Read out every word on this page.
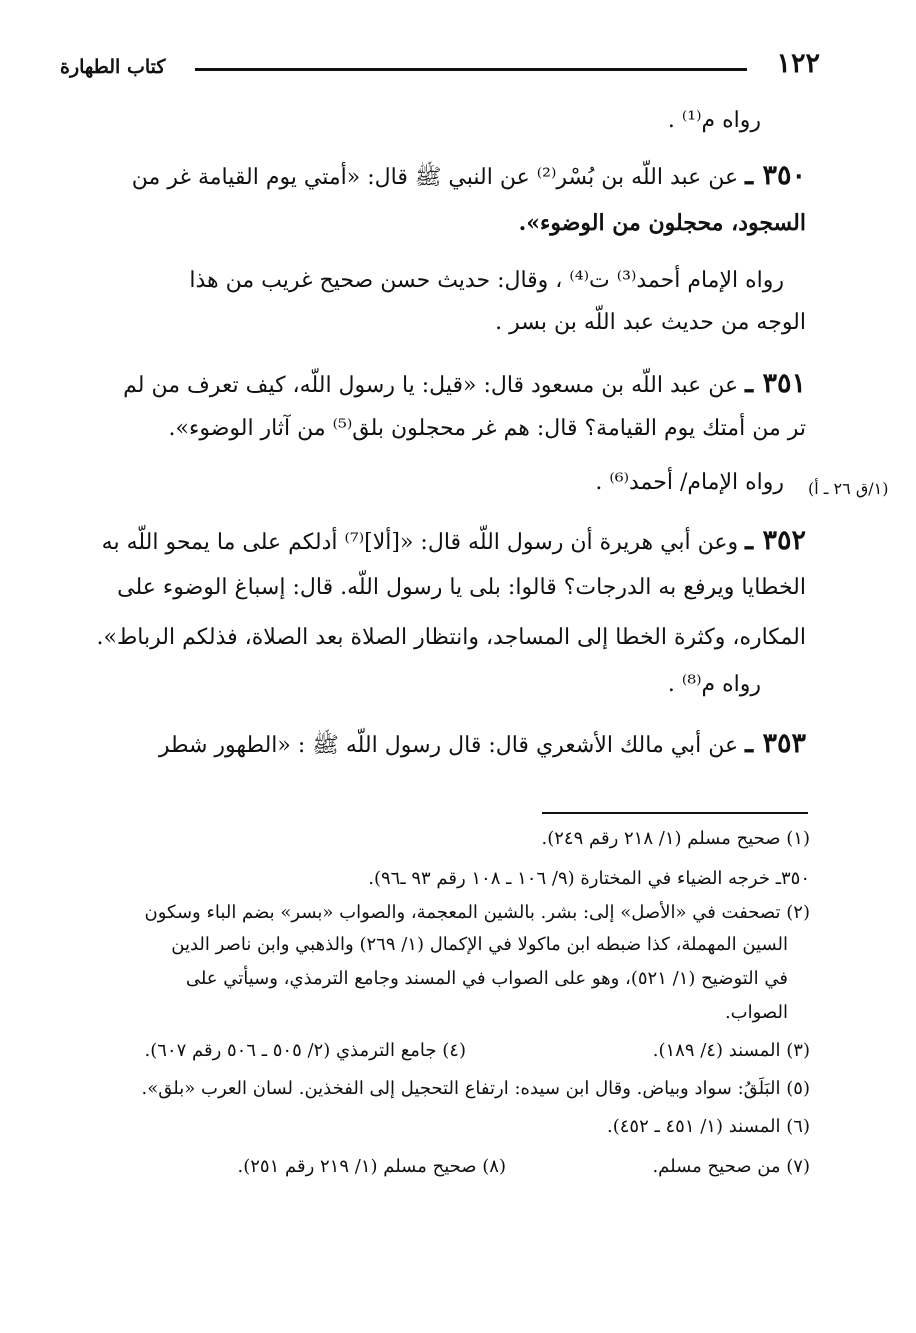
١٢٢
كتاب الطهارة
رواه م⁽¹⁾ .
٣٥٠ ـ عن عبد اللّه بن بُسْر⁽²⁾ عن النبي ﷺ قال: «أمتي يوم القيامة غر من
السجود، محجلون من الوضوء».
رواه الإمام أحمد⁽³⁾ ت⁽⁴⁾ ، وقال: حديث حسن صحيح غريب من هذا
الوجه من حديث عبد اللّه بن بسر .
٣٥١ ـ عن عبد اللّه بن مسعود قال: «قيل: يا رسول اللّه، كيف تعرف من لم
تر من أمتك يوم القيامة؟ قال: هم غر محجلون بلق⁽⁵⁾ من آثار الوضوء».
رواه الإمام/ أحمد⁽⁶⁾ .	(١/ق ٢٦ ـ أ)
٣٥٢ ـ وعن أبي هريرة أن رسول اللّه قال: «[ألا]⁽⁷⁾ أدلكم على ما يمحو اللّه به
الخطايا ويرفع به الدرجات؟ قالوا: بلى يا رسول اللّه. قال: إسباغ الوضوء على
المكاره، وكثرة الخطا إلى المساجد، وانتظار الصلاة بعد الصلاة، فذلكم الرباط».
رواه م⁽⁸⁾ .
٣٥٣ ـ عن أبي مالك الأشعري قال: قال رسول اللّه ﷺ : «الطهور شطر
(١) صحيح مسلم (١/ ٢١٨ رقم ٢٤٩).
٣٥٠ـ خرجه الضياء في المختارة (٩/ ١٠٦ ـ ١٠٨ رقم ٩٣ ـ٩٦).
(٢) تصحفت في «الأصل» إلى: بشر. بالشين المعجمة، والصواب «بسر» بضم الباء وسكون
السين المهملة، كذا ضبطه ابن ماكولا في الإكمال (١/ ٢٦٩) والذهبي وابن ناصر الدين
في التوضيح (١/ ٥٢١)، وهو على الصواب في المسند وجامع الترمذي، وسيأتي على
الصواب.
(٣) المسند (٤/ ١٨٩).
(٤) جامع الترمذي (٢/ ٥٠٥ ـ ٥٠٦ رقم ٦٠٧).
(٥) البَلَقُ: سواد وبياض. وقال ابن سيده: ارتفاع التحجيل إلى الفخذين. لسان العرب «بلق».
(٦) المسند (١/ ٤٥١ ـ ٤٥٢).
(٧) من صحيح مسلم.
(٨) صحيح مسلم (١/ ٢١٩ رقم ٢٥١).
